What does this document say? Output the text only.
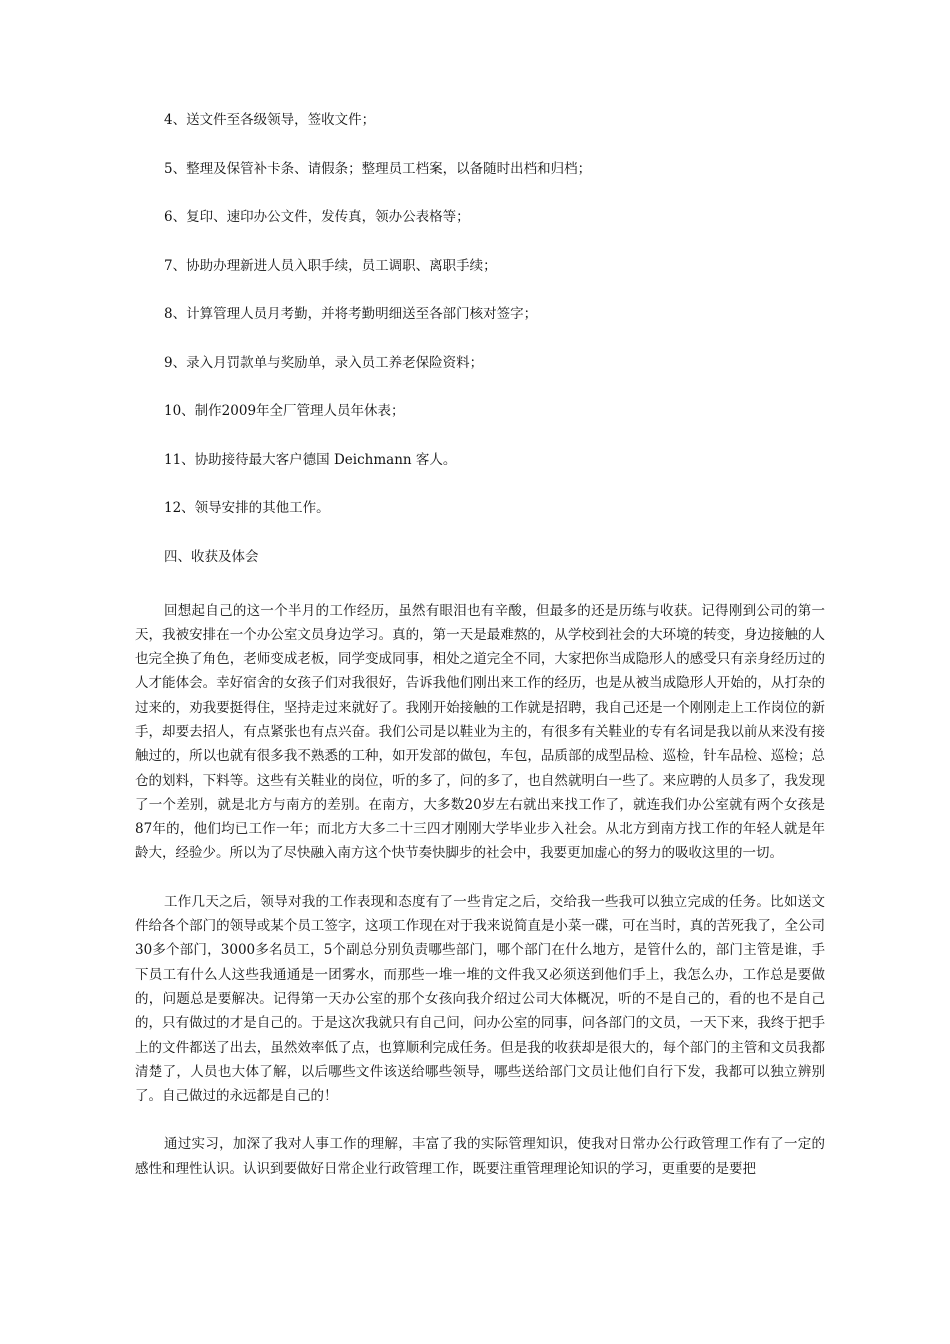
4、送文件至各级领导，签收文件；
5、整理及保管补卡条、请假条；整理员工档案，以备随时出档和归档；
6、复印、速印办公文件，发传真，领办公表格等；
7、协助办理新进人员入职手续，员工调职、离职手续；
8、计算管理人员月考勤，并将考勤明细送至各部门核对签字；
9、录入月罚款单与奖励单，录入员工养老保险资料；
10、制作2009年全厂管理人员年休表；
11、协助接待最大客户德国 Deichmann 客人。
12、领导安排的其他工作。
四、收获及体会

回想起自己的这一个半月的工作经历，虽然有眼泪也有辛酸，但最多的还是历练与收获。记得刚到公司的第一天，我被安排在一个办公室文员身边学习。真的，第一天是最难熬的，从学校到社会的大环境的转变，身边接触的人也完全换了角色，老师变成老板，同学变成同事，相处之道完全不同，大家把你当成隐形人的感受只有亲身经历过的人才能体会。幸好宿舍的女孩子们对我很好，告诉我他们刚出来工作的经历，也是从被当成隐形人开始的，从打杂的过来的，劝我要挺得住，坚持走过来就好了。我刚开始接触的工作就是招聘，我自己还是一个刚刚走上工作岗位的新手，却要去招人，有点紧张也有点兴奋。我们公司是以鞋业为主的，有很多有关鞋业的专有名词是我以前从来没有接触过的，所以也就有很多我不熟悉的工种，如开发部的做包，车包，品质部的成型品检、巡检，针车品检、巡检；总仓的划料，下料等。这些有关鞋业的岗位，听的多了，问的多了，也自然就明白一些了。来应聘的人员多了，我发现了一个差别，就是北方与南方的差别。在南方，大多数20岁左右就出来找工作了，就连我们办公室就有两个女孩是87年的，他们均已工作一年；而北方大多二十三四才刚刚大学毕业步入社会。从北方到南方找工作的年轻人就是年龄大，经验少。所以为了尽快融入南方这个快节奏快脚步的社会中，我要更加虚心的努力的吸收这里的一切。

工作几天之后，领导对我的工作表现和态度有了一些肯定之后，交给我一些我可以独立完成的任务。比如送文件给各个部门的领导或某个员工签字，这项工作现在对于我来说简直是小菜一碟，可在当时，真的苦死我了，全公司30多个部门，3000多名员工，5个副总分别负责哪些部门，哪个部门在什么地方，是管什么的，部门主管是谁，手下员工有什么人这些我通通是一团雾水，而那些一堆一堆的文件我又必须送到他们手上，我怎么办，工作总是要做的，问题总是要解决。记得第一天办公室的那个女孩向我介绍过公司大体概况，听的不是自己的，看的也不是自己的，只有做过的才是自己的。于是这次我就只有自己问，问办公室的同事，问各部门的文员，一天下来，我终于把手上的文件都送了出去，虽然效率低了点，也算顺利完成任务。但是我的收获却是很大的，每个部门的主管和文员我都清楚了，人员也大体了解，以后哪些文件该送给哪些领导，哪些送给部门文员让他们自行下发，我都可以独立辨别了。自己做过的永远都是自己的！

通过实习，加深了我对人事工作的理解，丰富了我的实际管理知识，使我对日常办公行政管理工作有了一定的感性和理性认识。认识到要做好日常企业行政管理工作，既要注重管理理论知识的学习，更重要的是要把
